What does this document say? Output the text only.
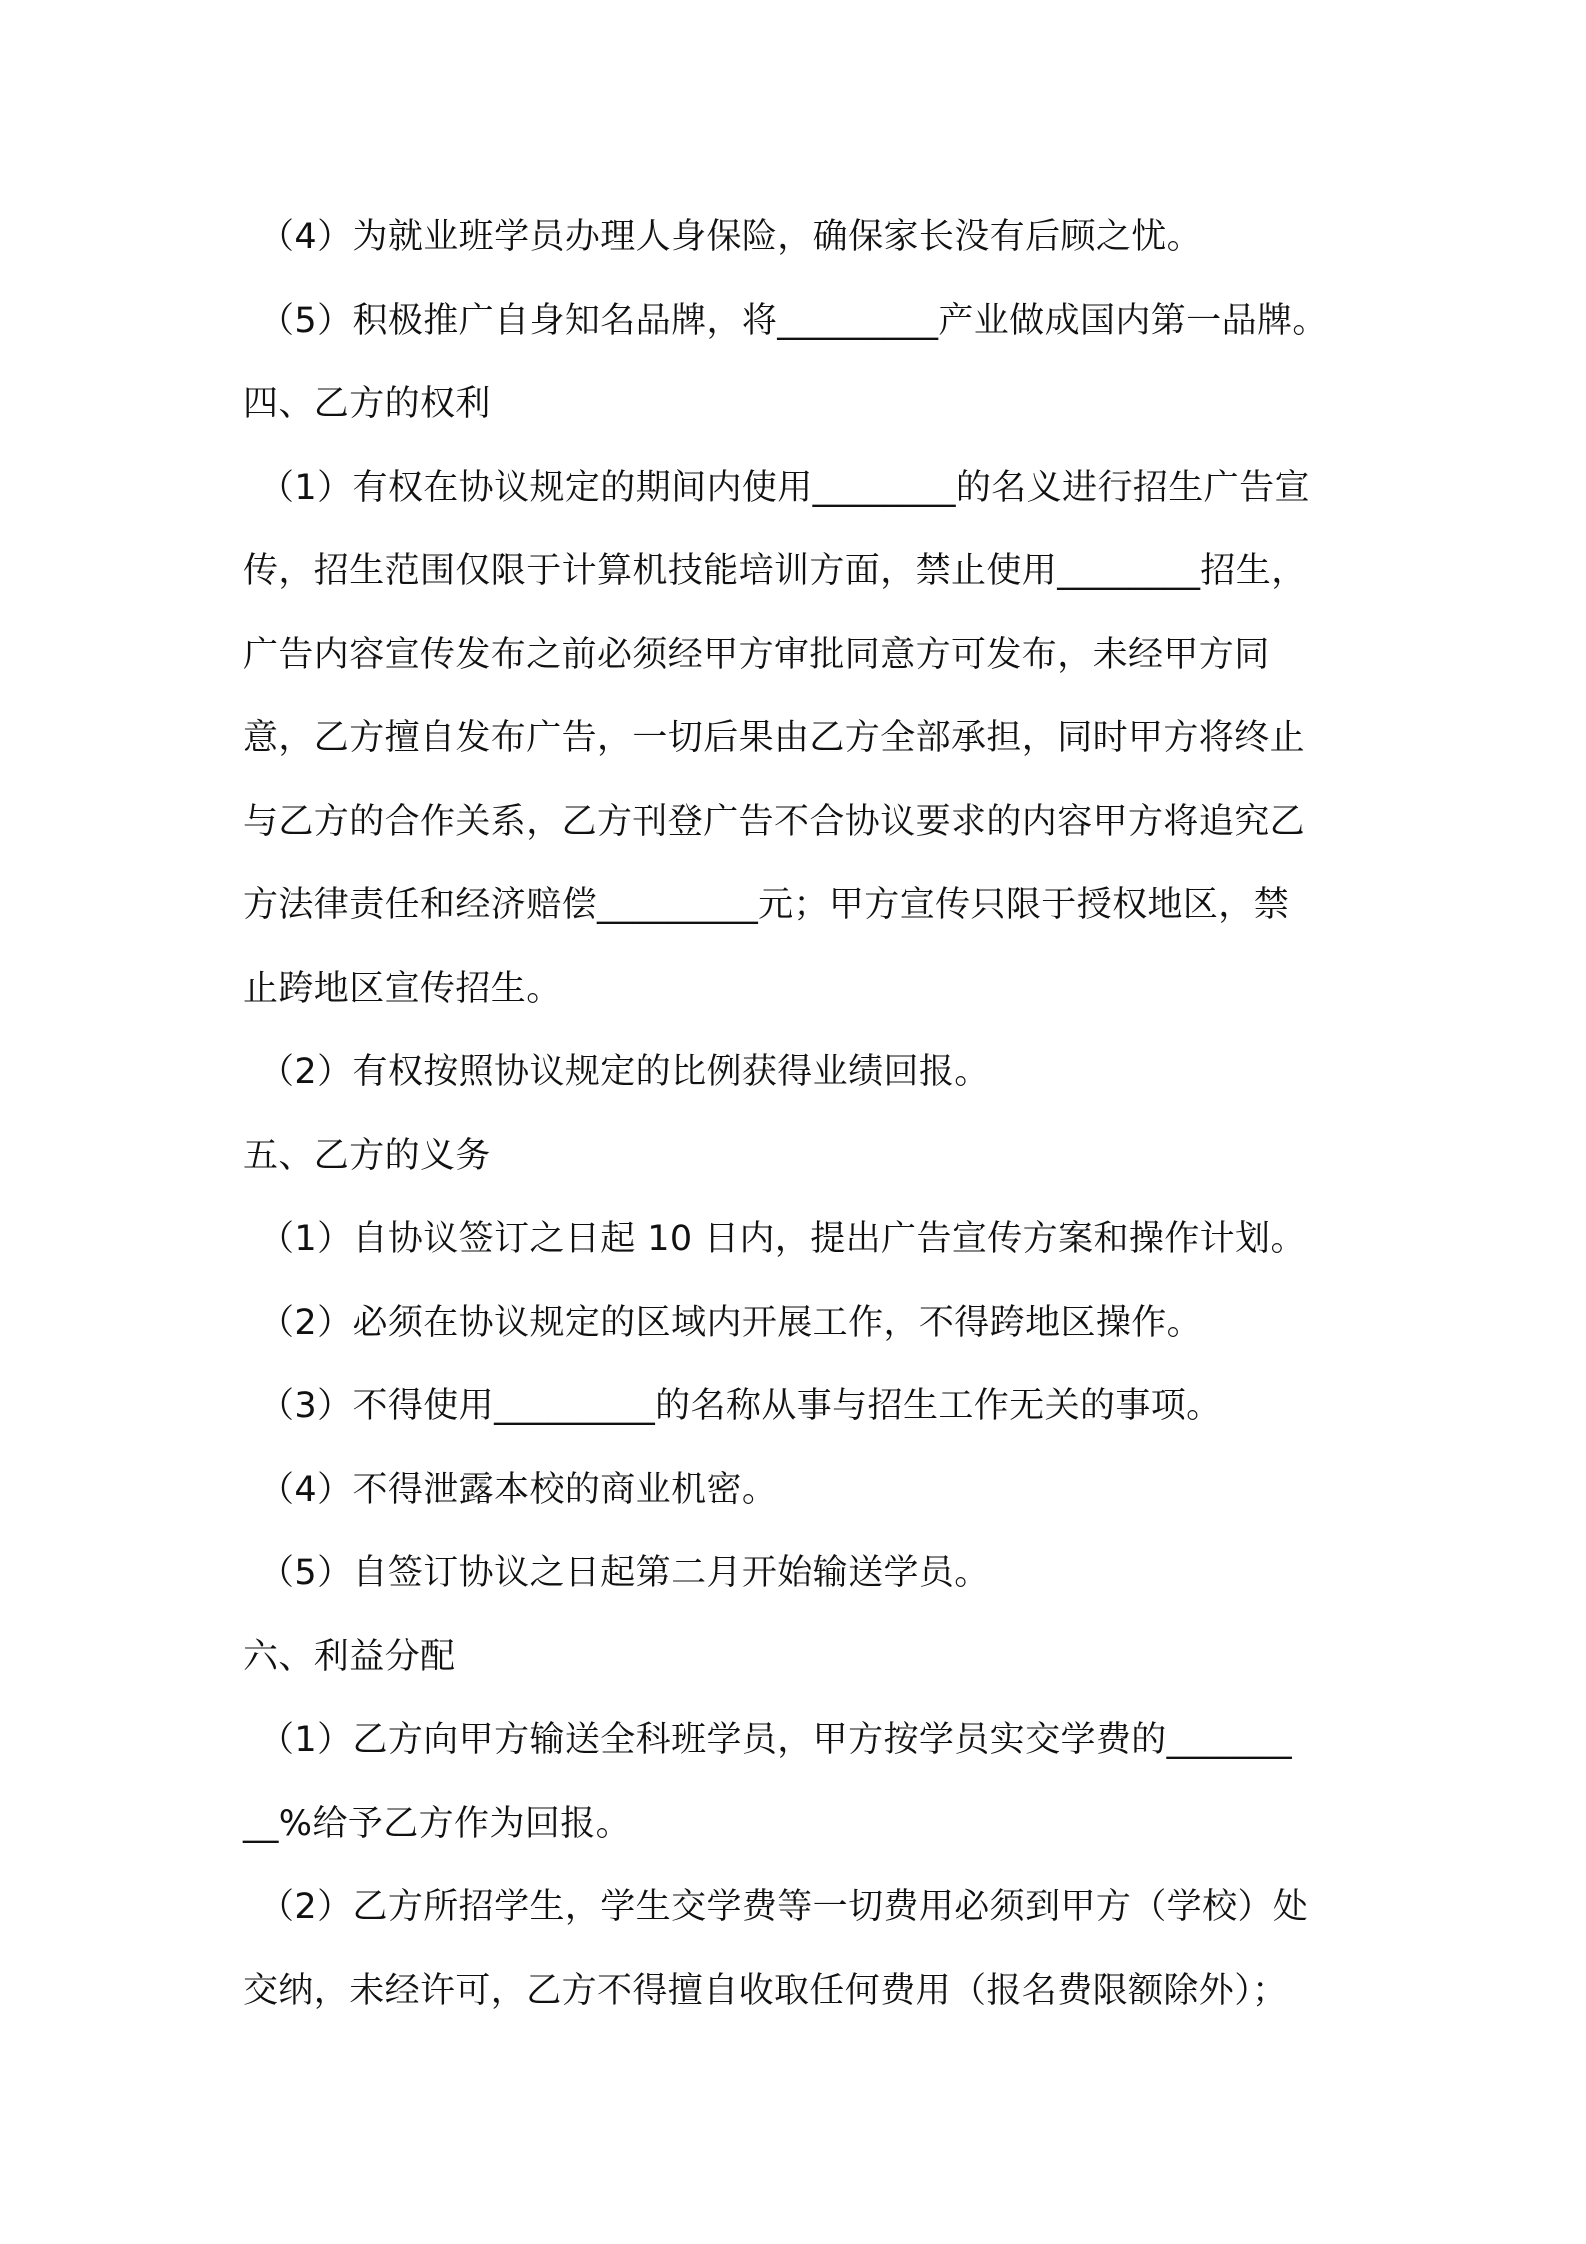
（4）为就业班学员办理人身保险，确保家长没有后顾之忧。
（5）积极推广自身知名品牌，将_________产业做成国内第一品牌。
四、乙方的权利
（1）有权在协议规定的期间内使用________的名义进行招生广告宣
传，招生范围仅限于计算机技能培训方面，禁止使用________招生，
广告内容宣传发布之前必须经甲方审批同意方可发布，未经甲方同
意，乙方擅自发布广告，一切后果由乙方全部承担，同时甲方将终止
与乙方的合作关系，乙方刊登广告不合协议要求的内容甲方将追究乙
方法律责任和经济赔偿_________元；甲方宣传只限于授权地区，禁
止跨地区宣传招生。
（2）有权按照协议规定的比例获得业绩回报。
五、乙方的义务
（1）自协议签订之日起 10 日内，提出广告宣传方案和操作计划。
（2）必须在协议规定的区域内开展工作，不得跨地区操作。
（3）不得使用_________的名称从事与招生工作无关的事项。
（4）不得泄露本校的商业机密。
（5）自签订协议之日起第二月开始输送学员。
六、利益分配
（1）乙方向甲方输送全科班学员，甲方按学员实交学费的_______
__%给予乙方作为回报。
（2）乙方所招学生，学生交学费等一切费用必须到甲方（学校）处
交纳，未经许可，乙方不得擅自收取任何费用（报名费限额除外）；
